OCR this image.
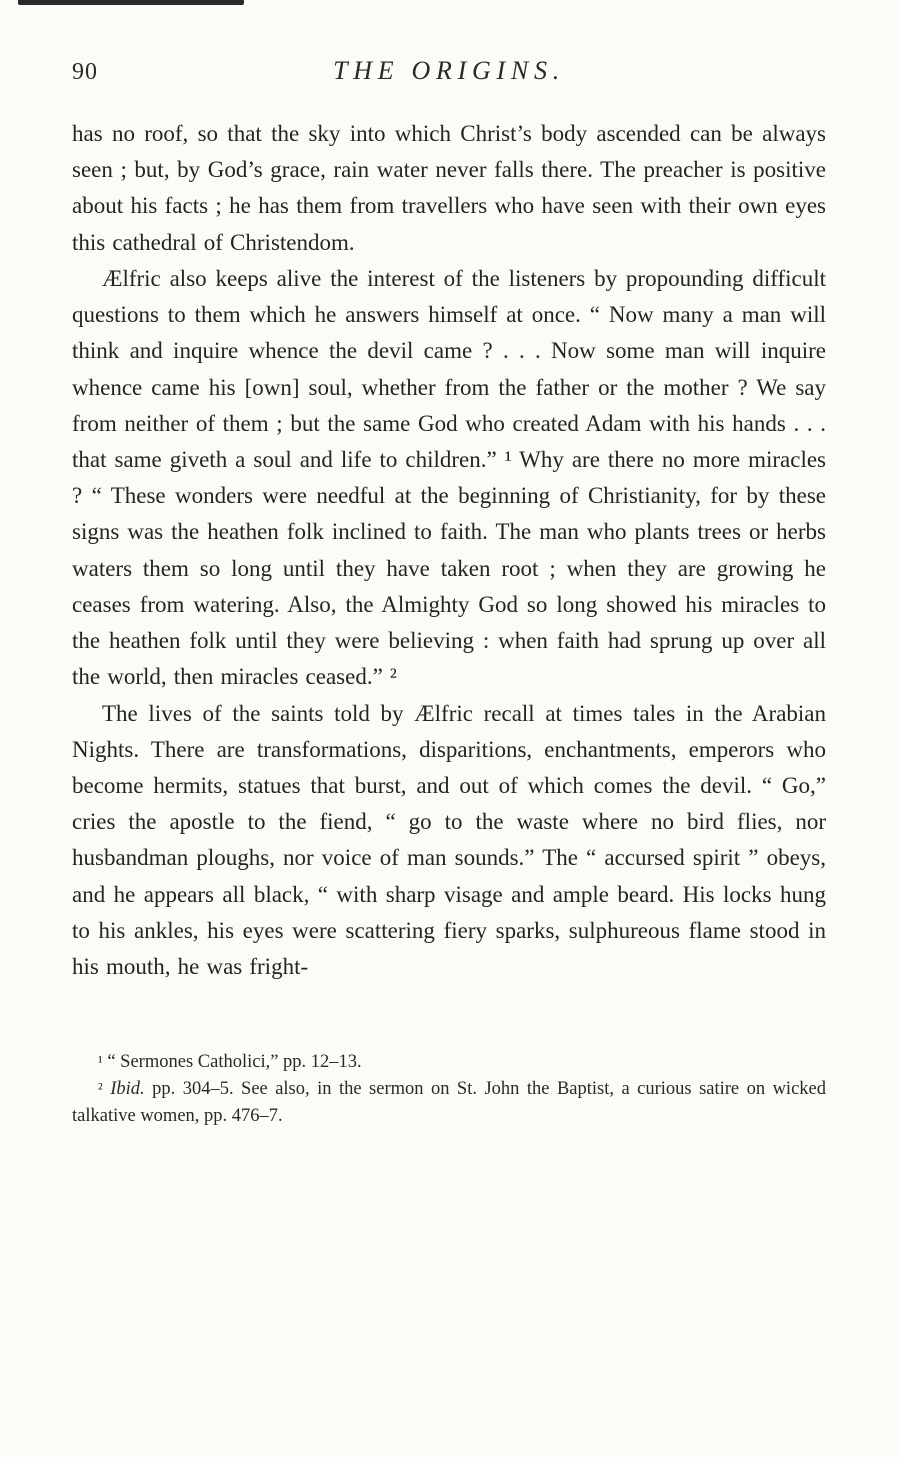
90	THE ORIGINS.

has no roof, so that the sky into which Christ’s body ascended can be always seen ; but, by God’s grace, rain water never falls there. The preacher is positive about his facts ; he has them from travellers who have seen with their own eyes this cathedral of Christendom.

Ælfric also keeps alive the interest of the listeners by propounding difficult questions to them which he answers himself at once. “ Now many a man will think and inquire whence the devil came ? . . . Now some man will inquire whence came his [own] soul, whether from the father or the mother ? We say from neither of them ; but the same God who created Adam with his hands . . . that same giveth a soul and life to children.” ¹ Why are there no more miracles ? “ These wonders were needful at the beginning of Christianity, for by these signs was the heathen folk inclined to faith. The man who plants trees or herbs waters them so long until they have taken root ; when they are growing he ceases from watering. Also, the Almighty God so long showed his miracles to the heathen folk until they were believing : when faith had sprung up over all the world, then miracles ceased.” ²

The lives of the saints told by Ælfric recall at times tales in the Arabian Nights. There are transformations, disparitions, enchantments, emperors who become hermits, statues that burst, and out of which comes the devil. “ Go,” cries the apostle to the fiend, “ go to the waste where no bird flies, nor husbandman ploughs, nor voice of man sounds.” The “ accursed spirit ” obeys, and he appears all black, “ with sharp visage and ample beard. His locks hung to his ankles, his eyes were scattering fiery sparks, sulphureous flame stood in his mouth, he was fright-

¹ “ Sermones Catholici,” pp. 12–13.

² Ibid. pp. 304–5. See also, in the sermon on St. John the Baptist, a curious satire on wicked talkative women, pp. 476–7.
